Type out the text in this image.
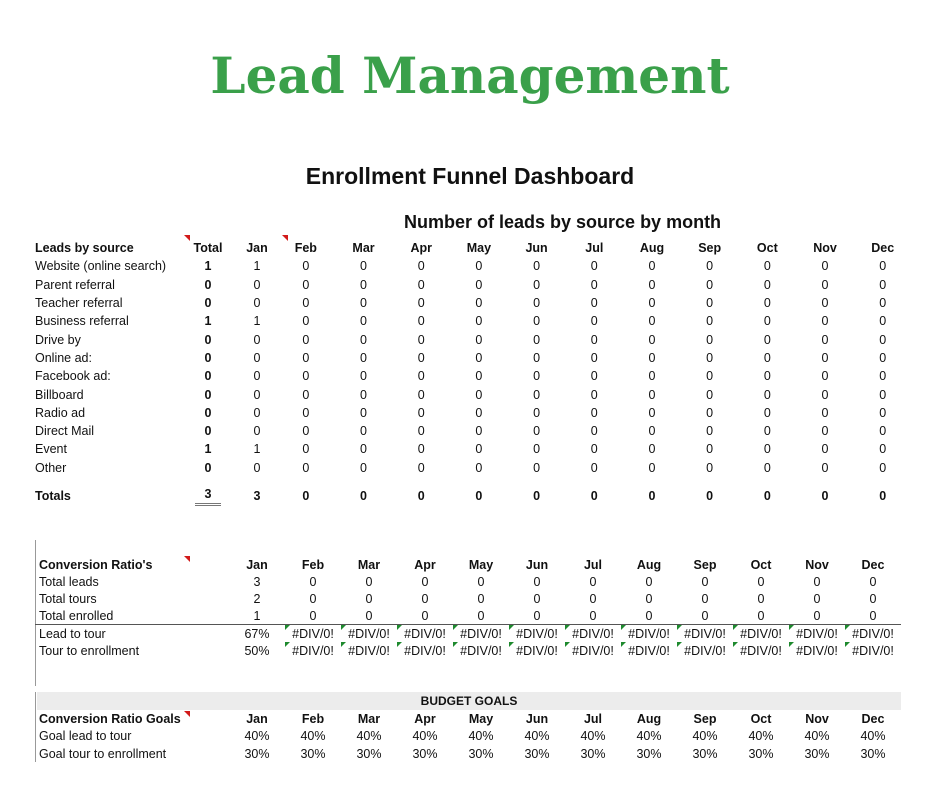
Lead Management
Enrollment Funnel Dashboard
Number of leads by source by month
Leads by source	Total	Jan	Feb	Mar	Apr	May	Jun	Jul	Aug	Sep	Oct	Nov	Dec
Website (online search)	1	1	0	0	0	0	0	0	0	0	0	0	0
Parent referral	0	0	0	0	0	0	0	0	0	0	0	0	0
Teacher referral	0	0	0	0	0	0	0	0	0	0	0	0	0
Business referral	1	1	0	0	0	0	0	0	0	0	0	0	0
Drive by	0	0	0	0	0	0	0	0	0	0	0	0	0
Online ad:	0	0	0	0	0	0	0	0	0	0	0	0	0
Facebook ad:	0	0	0	0	0	0	0	0	0	0	0	0	0
Billboard	0	0	0	0	0	0	0	0	0	0	0	0	0
Radio ad	0	0	0	0	0	0	0	0	0	0	0	0	0
Direct Mail	0	0	0	0	0	0	0	0	0	0	0	0	0
Event	1	1	0	0	0	0	0	0	0	0	0	0	0
Other	0	0	0	0	0	0	0	0	0	0	0	0	0
Totals	3	3	0	0	0	0	0	0	0	0	0	0	0
Conversion Ratio's	Jan	Feb	Mar	Apr	May	Jun	Jul	Aug	Sep	Oct	Nov	Dec
Total leads	3	0	0	0	0	0	0	0	0	0	0	0
Total tours	2	0	0	0	0	0	0	0	0	0	0	0
Total enrolled	1	0	0	0	0	0	0	0	0	0	0	0
Lead to tour	67%	#DIV/0!	#DIV/0!	#DIV/0!	#DIV/0!	#DIV/0!	#DIV/0!	#DIV/0!	#DIV/0!	#DIV/0!	#DIV/0!	#DIV/0!
Tour to enrollment	50%	#DIV/0!	#DIV/0!	#DIV/0!	#DIV/0!	#DIV/0!	#DIV/0!	#DIV/0!	#DIV/0!	#DIV/0!	#DIV/0!	#DIV/0!
BUDGET GOALS
Conversion Ratio Goals	Jan	Feb	Mar	Apr	May	Jun	Jul	Aug	Sep	Oct	Nov	Dec
Goal lead to tour	40%	40%	40%	40%	40%	40%	40%	40%	40%	40%	40%	40%
Goal tour to enrollment	30%	30%	30%	30%	30%	30%	30%	30%	30%	30%	30%	30%
